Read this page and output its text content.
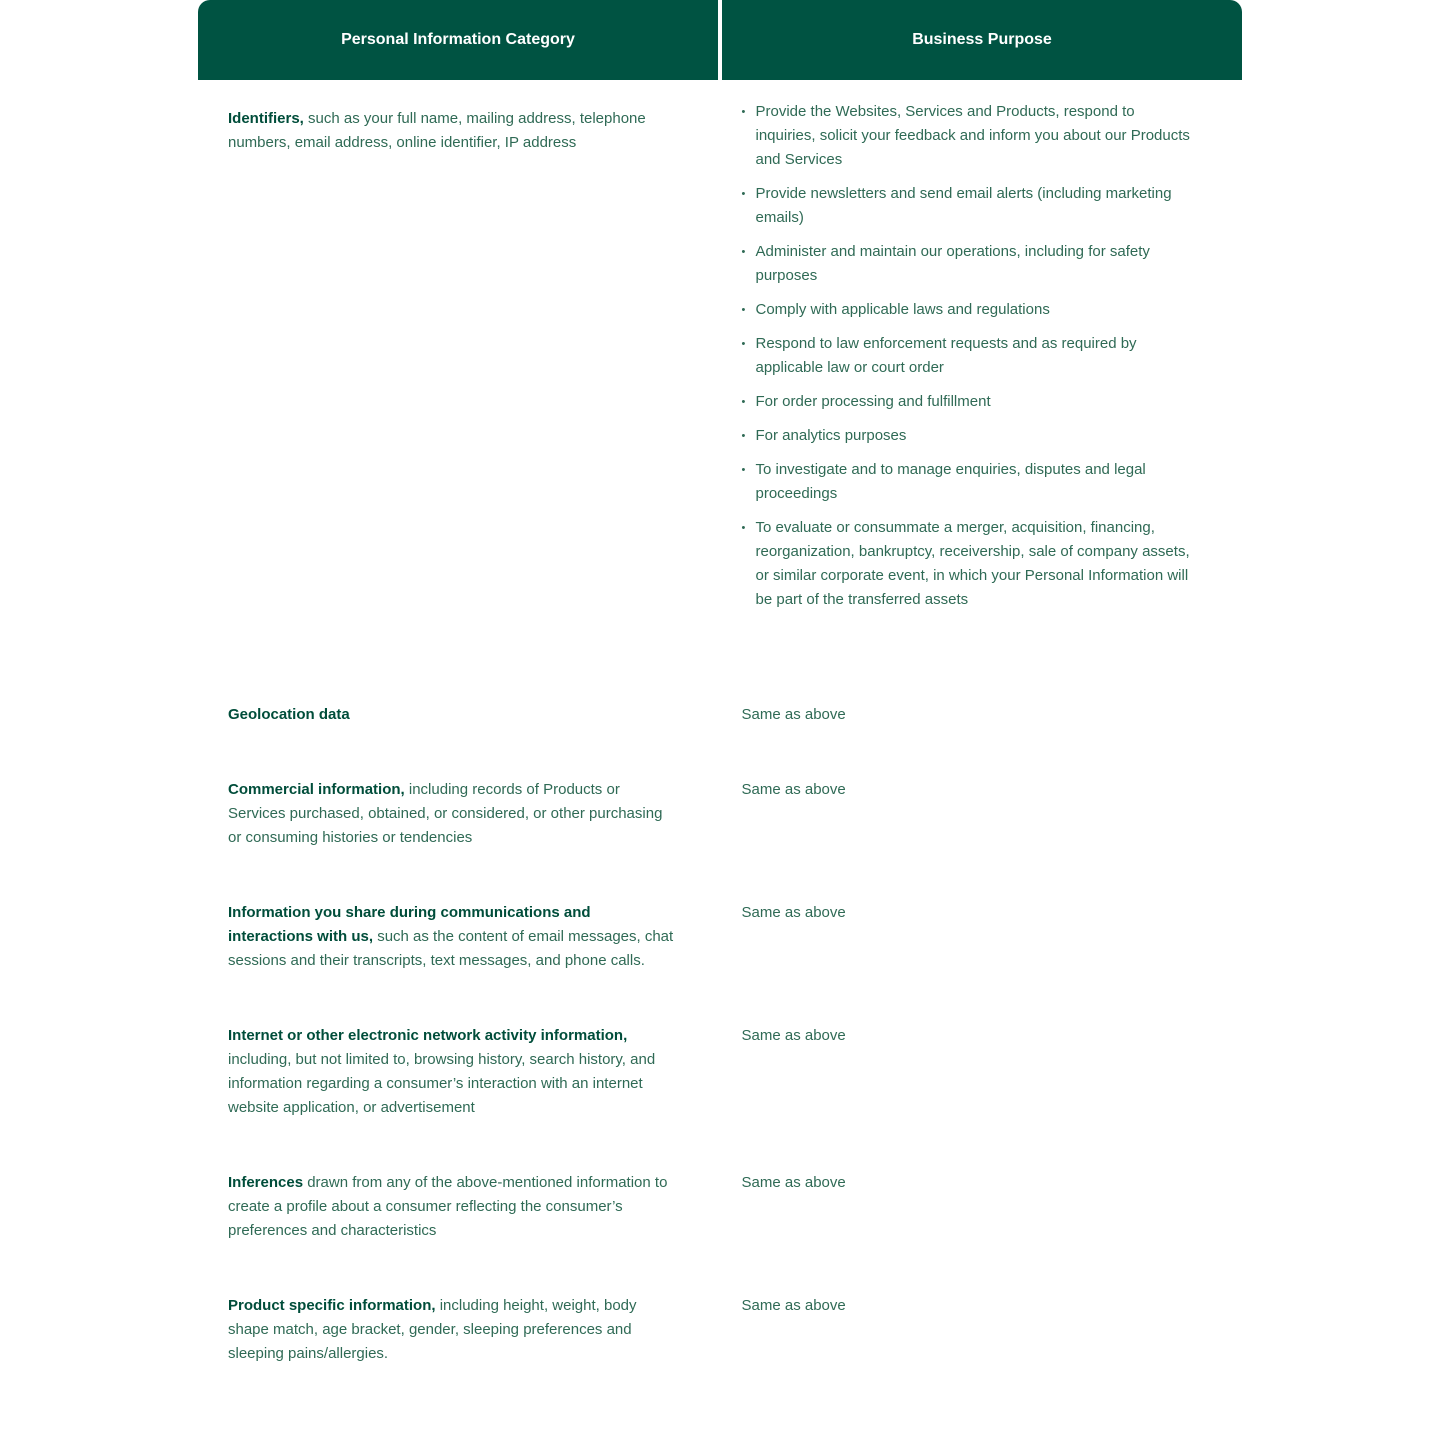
Personal Information Category	Business Purpose
Identifiers, such as your full name, mailing address, telephone numbers, email address, online identifier, IP address
• Provide the Websites, Services and Products, respond to inquiries, solicit your feedback and inform you about our Products and Services
• Provide newsletters and send email alerts (including marketing emails)
• Administer and maintain our operations, including for safety purposes
• Comply with applicable laws and regulations
• Respond to law enforcement requests and as required by applicable law or court order
• For order processing and fulfillment
• For analytics purposes
• To investigate and to manage enquiries, disputes and legal proceedings
• To evaluate or consummate a merger, acquisition, financing, reorganization, bankruptcy, receivership, sale of company assets, or similar corporate event, in which your Personal Information will be part of the transferred assets
Geolocation data	Same as above
Commercial information, including records of Products or Services purchased, obtained, or considered, or other purchasing or consuming histories or tendencies
Same as above
Information you share during communications and interactions with us, such as the content of email messages, chat sessions and their transcripts, text messages, and phone calls.
Same as above
Internet or other electronic network activity information, including, but not limited to, browsing history, search history, and information regarding a consumer’s interaction with an internet website application, or advertisement
Same as above
Inferences drawn from any of the above-mentioned information to create a profile about a consumer reflecting the consumer’s preferences and characteristics
Same as above
Product specific information, including height, weight, body shape match, age bracket, gender, sleeping preferences and sleeping pains/allergies.
Same as above
